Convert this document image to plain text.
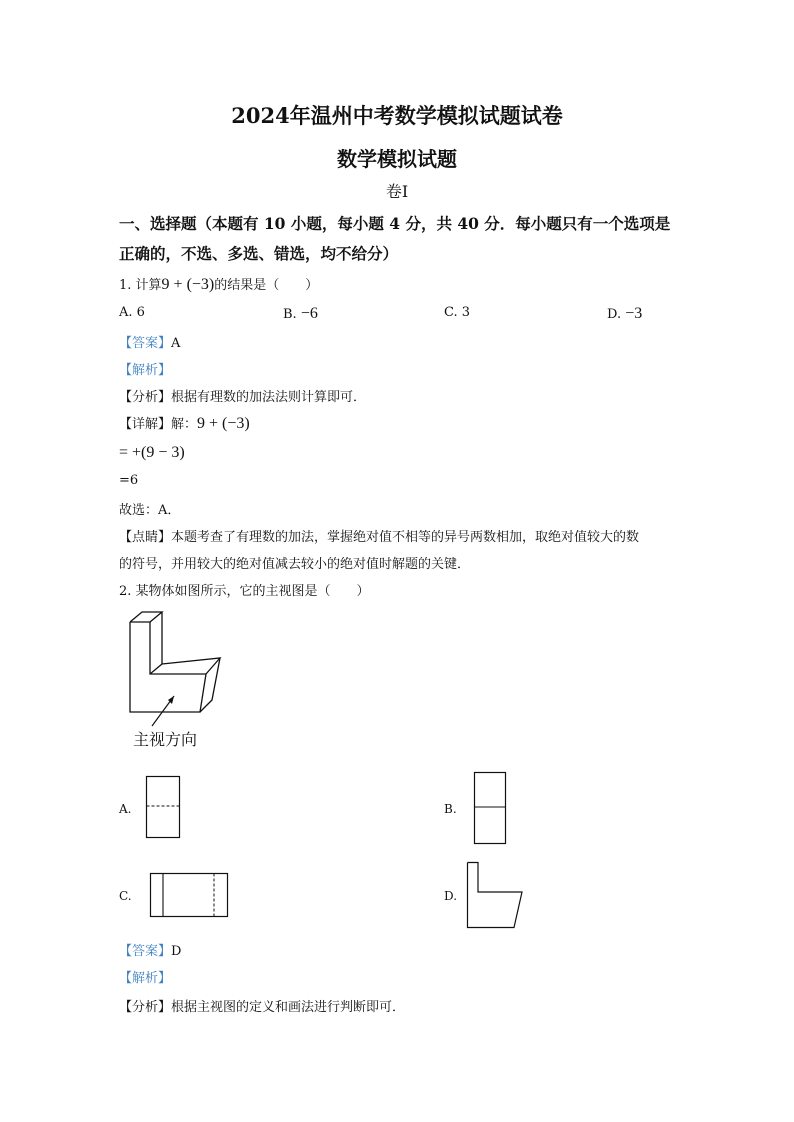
2024年温州中考数学模拟试题试卷
数学模拟试题
卷I
一、选择题（本题有 10 小题，每小题 4 分，共 40 分．每小题只有一个选项是
正确的，不选、多选、错选，均不给分）
1. 计算9 + (−3)的结果是（　　）
A. 6	B. −6	C. 3	D. −3
【答案】A
【解析】
【分析】根据有理数的加法法则计算即可．
【详解】解：9 + (−3)
= +(9 − 3)
=6
故选：A．
【点睛】本题考查了有理数的加法，掌握绝对值不相等的异号两数相加，取绝对值较大的数
的符号，并用较大的绝对值减去较小的绝对值时解题的关键．
2. 某物体如图所示，它的主视图是（　　）
主视方向
A.	B.
C.	D.
【答案】D
【解析】
【分析】根据主视图的定义和画法进行判断即可．
